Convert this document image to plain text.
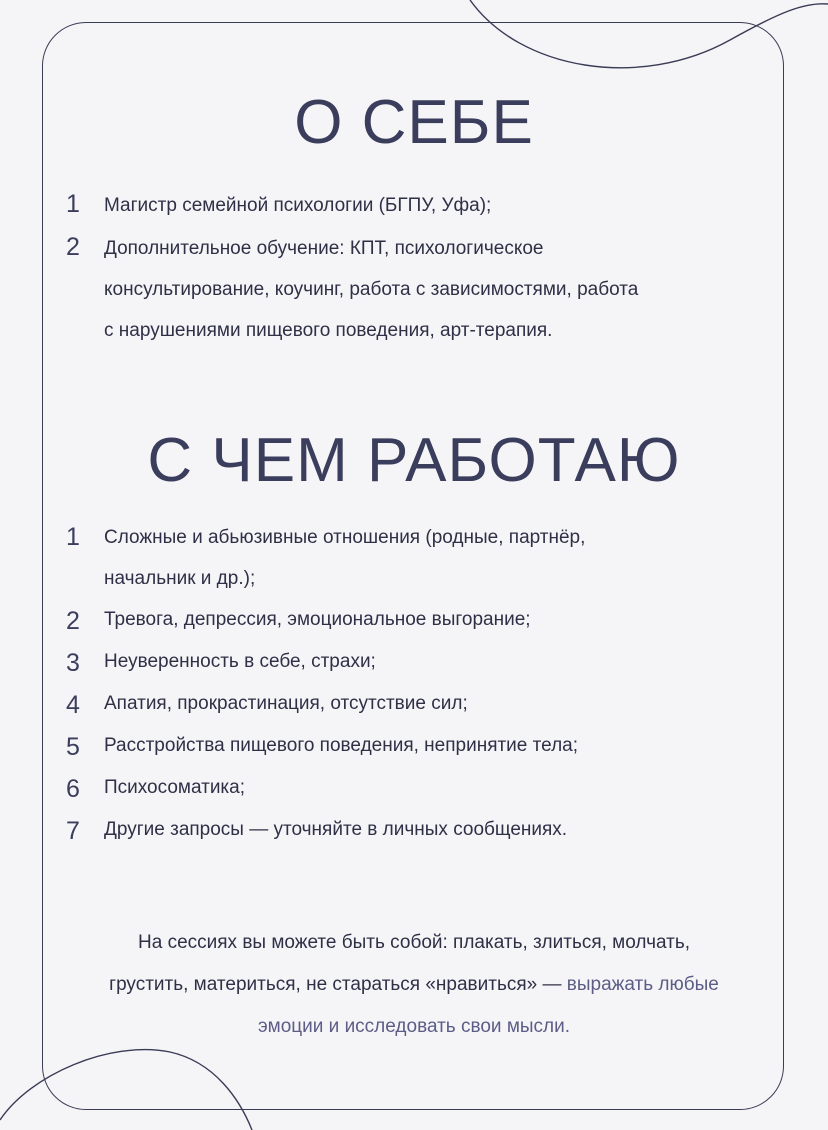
О СЕБЕ
1	Магистр семейной психологии (БГПУ, Уфа);
2	Дополнительное обучение: КПТ, психологическое
консультирование, коучинг, работа с зависимостями, работа
с нарушениями пищевого поведения, арт-терапия.
С ЧЕМ РАБОТАЮ
1	Сложные и абьюзивные отношения (родные, партнёр,
начальник и др.);
2	Тревога, депрессия, эмоциональное выгорание;
3	Неуверенность в себе, страхи;
4	Апатия, прокрастинация, отсутствие сил;
5	Расстройства пищевого поведения, непринятие тела;
6	Психосоматика;
7	Другие запросы — уточняйте в личных сообщениях.
На сессиях вы можете быть собой: плакать, злиться, молчать,
грустить, материться, не стараться «нравиться» — выражать любые
эмоции и исследовать свои мысли.
